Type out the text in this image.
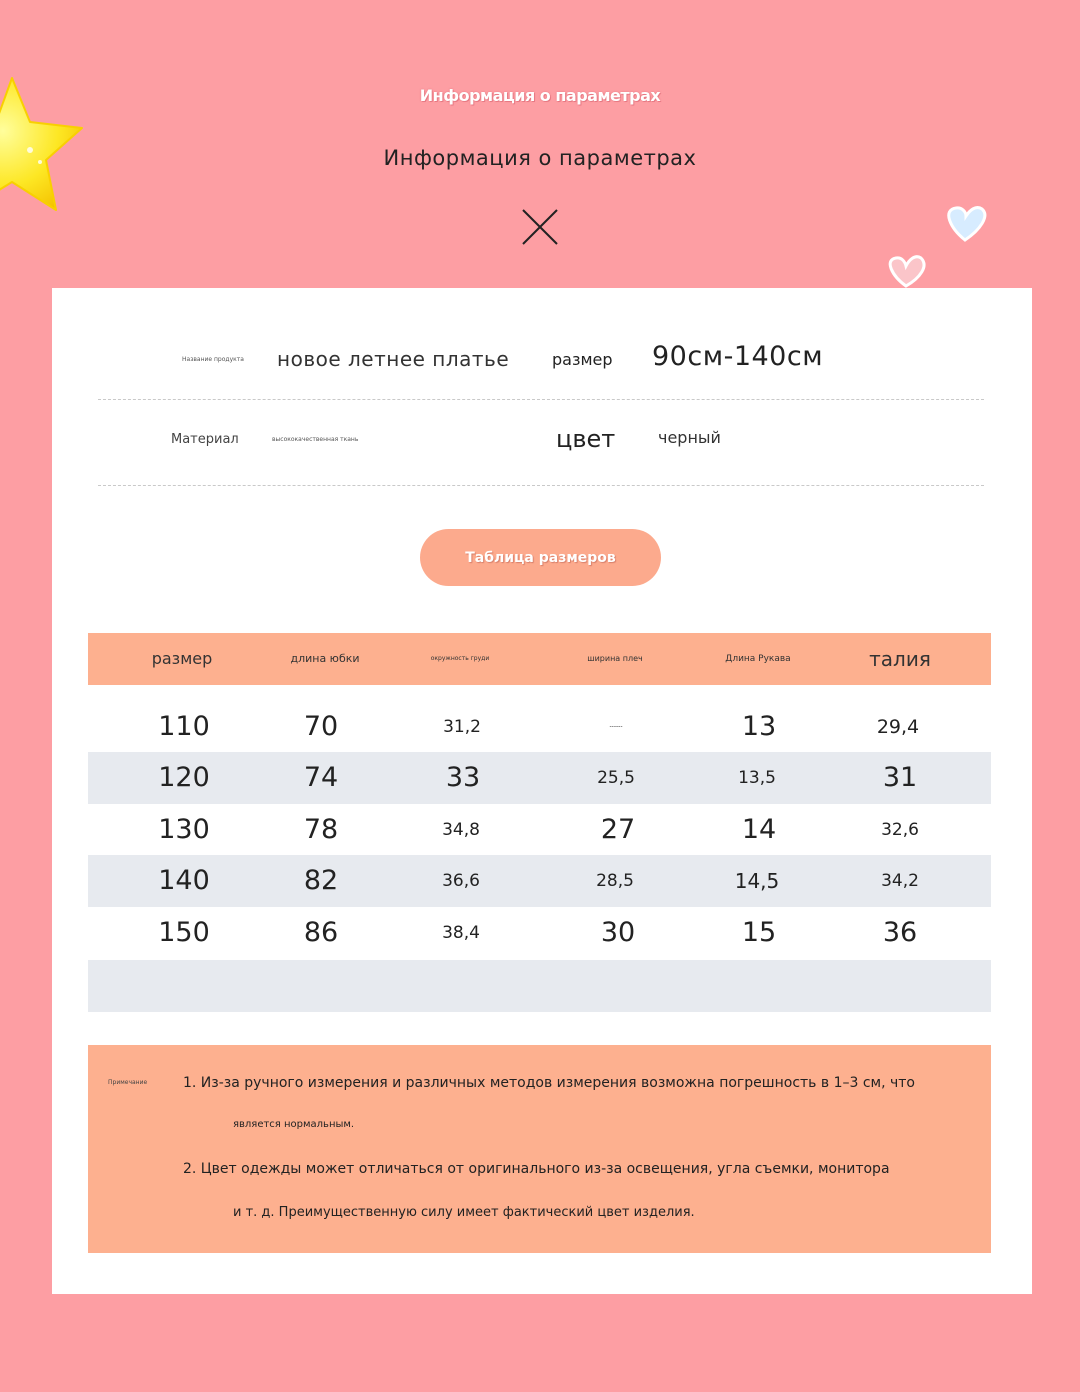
Информация о параметрах
Информация о параметрах
Название продукта новое летнее платье	размер 90см-140см
Материал	высококачественная ткань	цвет	черный
Таблица размеров
размер	длина юбки	окружность груди	ширина плеч	Длина Рукава	талия
110	70	31,2	------	13	29,4
120	74	33	25,5	13,5	31
130	78	34,8	27	14	32,6
140	82	36,6	28,5	14,5	34,2
150	86	38,4	30	15	36
Примечание	1. Из-за ручного измерения и различных методов измерения возможна погрешность в 1–3 см, что
является нормальным.
2. Цвет одежды может отличаться от оригинального из-за освещения, угла съемки, монитора
и т. д. Преимущественную силу имеет фактический цвет изделия.
